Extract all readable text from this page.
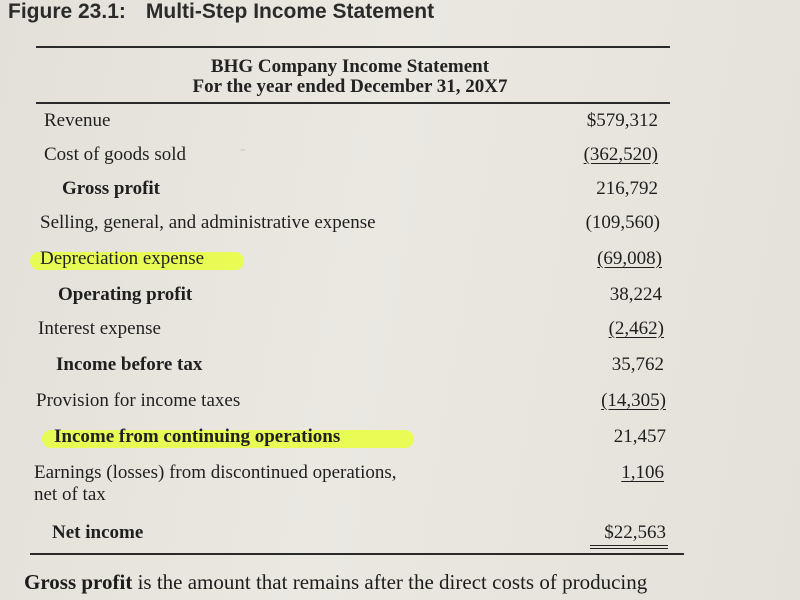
-
Figure 23.1: Multi-Step Income Statement
BHG Company Income Statement
For the year ended December 31, 20X7
Revenue	$579,312
Cost of goods sold	(362,520)
Gross profit	216,792
Selling, general, and administrative expense	(109,560)
Depreciation expense	(69,008)
Operating profit	38,224
Interest expense	(2,462)
Income before tax	35,762
Provision for income taxes	(14,305)
Income from continuing operations	21,457
Earnings (losses) from discontinued operations, net of tax
1,106
Net income	$22,563
Gross profit is the amount that remains after the direct costs of producing
